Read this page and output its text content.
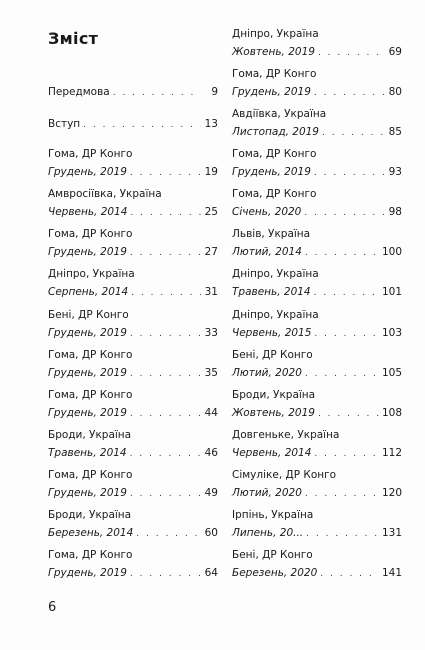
Зміст
Передмова . . .	9
Вступ . . .	13
Гома, ДР Конго
Грудень, 2019 . . .	19
Амвросіївка, Україна
Червень, 2014 . . .	25
Гома, ДР Конго
Грудень, 2019 . . .	27
Дніпро, Україна
Серпень, 2014 . . .	31
Бені, ДР Конго
Грудень, 2019 . . .	33
Гома, ДР Конго
Грудень, 2019 . . .	35
Гома, ДР Конго
Грудень, 2019 . . .	44
Броди, Україна
Травень, 2014 . . .	46
Гома, ДР Конго
Грудень, 2019 . . .	49
Броди, Україна
Березень, 2014 . . .	60
Гома, ДР Конго
Грудень, 2019 . . .	64
Дніпро, Україна
Жовтень, 2019 . . .	69
Гома, ДР Конго
Грудень, 2019 . . .	80
Авдіївка, Україна
Листопад, 2019 . . .	85
Гома, ДР Конго
Грудень, 2019 . . .	93
Гома, ДР Конго
Січень, 2020 . . .	98
Львів, Україна
Лютий, 2014 . . .	100
Дніпро, Україна
Травень, 2014 . . .	101
Дніпро, Україна
Червень, 2015 . . .	103
Бені, ДР Конго
Лютий, 2020 . . .	105
Броди, Україна
Жовтень, 2019 . . .	108
Довгеньке, Україна
Червень, 2014 . . .	112
Сімуліке, ДР Конго
Лютий, 2020 . . .	120
Ірпінь, Україна
Липень, 20... . . .	131
Бені, ДР Конго
Березень, 2020 . . .	141
6
